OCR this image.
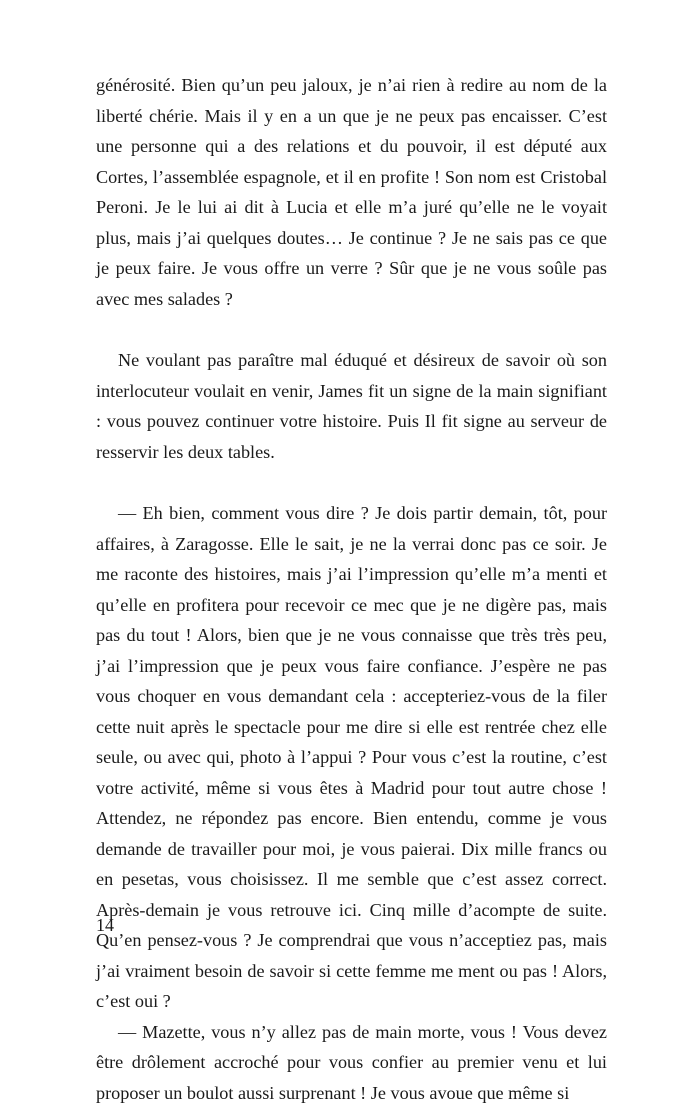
générosité. Bien qu’un peu jaloux, je n’ai rien à redire au nom de la liberté chérie. Mais il y en a un que je ne peux pas encaisser. C’est une personne qui a des relations et du pouvoir, il est député aux Cortes, l’assemblée espagnole, et il en profite ! Son nom est Cristobal Peroni. Je le lui ai dit à Lucia et elle m’a juré qu’elle ne le voyait plus, mais j’ai quelques doutes… Je continue ? Je ne sais pas ce que je peux faire. Je vous offre un verre ? Sûr que je ne vous soûle pas avec mes salades ?

Ne voulant pas paraître mal éduqué et désireux de savoir où son interlocuteur voulait en venir, James fit un signe de la main signifiant : vous pouvez continuer votre histoire. Puis Il fit signe au serveur de resservir les deux tables.

— Eh bien, comment vous dire ? Je dois partir demain, tôt, pour affaires, à Zaragosse. Elle le sait, je ne la verrai donc pas ce soir. Je me raconte des histoires, mais j’ai l’impression qu’elle m’a menti et qu’elle en profitera pour recevoir ce mec que je ne digère pas, mais pas du tout ! Alors, bien que je ne vous connaisse que très très peu, j’ai l’impression que je peux vous faire confiance. J’espère ne pas vous choquer en vous demandant cela : accepteriez-vous de la filer cette nuit après le spectacle pour me dire si elle est rentrée chez elle seule, ou avec qui, photo à l’appui ? Pour vous c’est la routine, c’est votre activité, même si vous êtes à Madrid pour tout autre chose ! Attendez, ne répondez pas encore. Bien entendu, comme je vous demande de travailler pour moi, je vous paierai. Dix mille francs ou en pesetas, vous choisissez. Il me semble que c’est assez correct. Après-demain je vous retrouve ici. Cinq mille d’acompte de suite. Qu’en pensez-vous ? Je comprendrai que vous n’acceptiez pas, mais j’ai vraiment besoin de savoir si cette femme me ment ou pas ! Alors, c’est oui ?

— Mazette, vous n’y allez pas de main morte, vous ! Vous devez être drôlement accroché pour vous confier au premier venu et lui proposer un boulot aussi surprenant ! Je vous avoue que même si

14
